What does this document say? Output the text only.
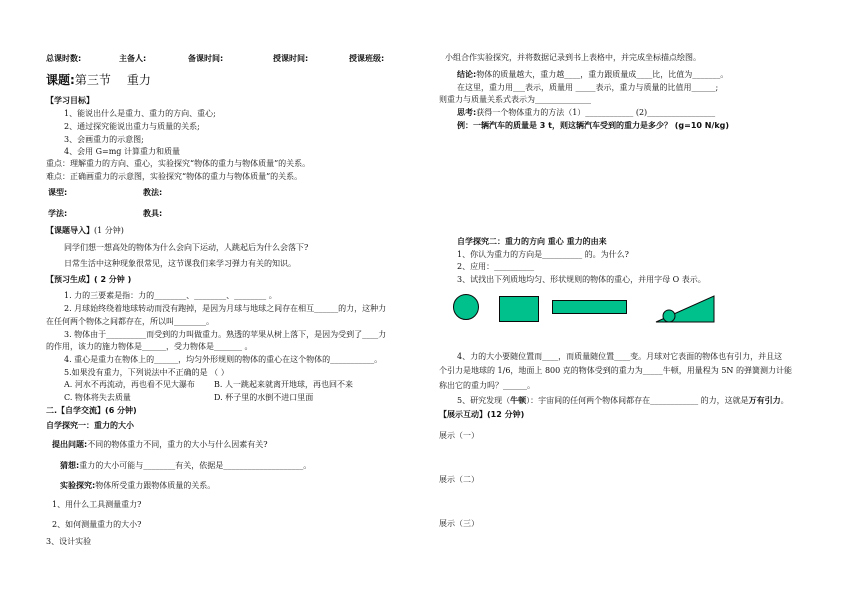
总课时数:	主备人:	备课时间:	授课时间:	授课班级:
课题:第三节 重力
【学习目标】
1、能说出什么是重力、重力的方向、重心;
2、通过探究能说出重力与质量的关系;
3、会画重力的示意图;
4、会用 G=mg 计算重力和质量
重点：理解重力的方向、重心，实验探究“物体的重力与物体质量”的关系。
难点：正确画重力的示意图，实验探究“物体的重力与物体质量”的关系。
课型:	教法:
学法:	教具:
【课题导入】(1 分钟)
同学们想一想高处的物体为什么会向下运动，人跳起后为什么会落下?
日常生活中这种现象很常见，这节课我们来学习弹力有关的知识。
【预习生成】( 2 分钟 )
1. 力的三要素是指：力的________、________、________ 。
2. 月球始终绕着地球转动而没有跑掉，是因为月球与地球之间存在相互______的力，这种力
在任何两个物体之间都存在，所以叫________。
3. 物体由于__________而受到的力叫做重力。熟透的苹果从树上落下，是因为受到了____力
的作用，该力的施力物体是______，受力物体是_______ 。
4. 重心是重力在物体上的______，均匀外形规则的物体的重心在这个物体的___________。
5.如果没有重力，下列说法中不正确的是 （ ）
A. 河水不再流动，再也看不见大瀑布 B. 人一跳起来就离开地球，再也回不来
C. 物体将失去质量	D. 杯子里的水倒不进口里面
二.【自学交流】(6 分钟)
自学探究一：重力的大小
提出问题:不同的物体重力不同，重力的大小与什么因素有关?
猜想:重力的大小可能与________有关，依据是____________________。
实验探究:物体所受重力跟物体质量的关系。
1、用什么工具测量重力?
2、如何测量重力的大小?
3、设计实验
小组合作实验探究，并将数据记录到书上表格中，并完成坐标描点绘图。
结论:物体的质量越大，重力越____，重力跟质量成____比，比值为_______。
在这里，重力用___表示，质量用 _____表示，重力与质量的比值用______;
则重力与质量关系式表示为______________
思考:获得一个物体重力的方法（1）____________ (2)_________________
例：一辆汽车的质量是 3 t，则这辆汽车受到的重力是多少？ (g=10 N/kg)
自学探究二：重力的方向 重心 重力的由来
1、你认为重力的方向是__________ 的。为什么?
2、应用：__________
3、试找出下列质地均匀、形状规则的物体的重心，并用字母 O 表示。
4、力的大小要随位置而____，而质量随位置____变。月球对它表面的物体也有引力，并且这
个引力是地球的 1/6，地面上 800 克的物体受到的重力为_____牛顿，用量程为 5N 的弹簧测力计能
称出它的重力吗？______。
5、研究发现（牛顿）：宇宙间的任何两个物体间都存在____________ 的力，这就是万有引力。
【展示互动】(12 分钟)
展示（一）
展示（二）
展示（三）
